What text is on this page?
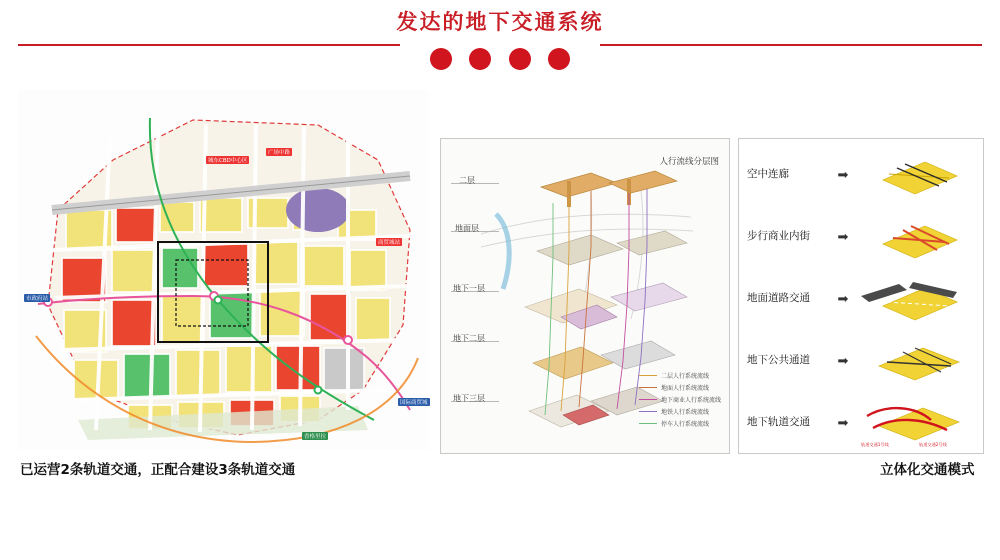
发达的地下交通系统
城东CBD中心区
广场中路
商贸城站
国际商贸城
市政府站
香格里拉
已运营2条轨道交通，正配合建设3条轨道交通
人行流线分层图
二层
地面层
地下一层
地下二层
地下三层
二层人行系统流线
地面人行系统流线
地下商业人行系统流线
地铁人行系统流线
停车人行系统流线
空中连廊	➡
步行商业内街	➡
地面道路交通	➡
地下公共通道	➡
地下轨道交通	➡
轨道交通1号线	轨道交通2号线
立体化交通模式
